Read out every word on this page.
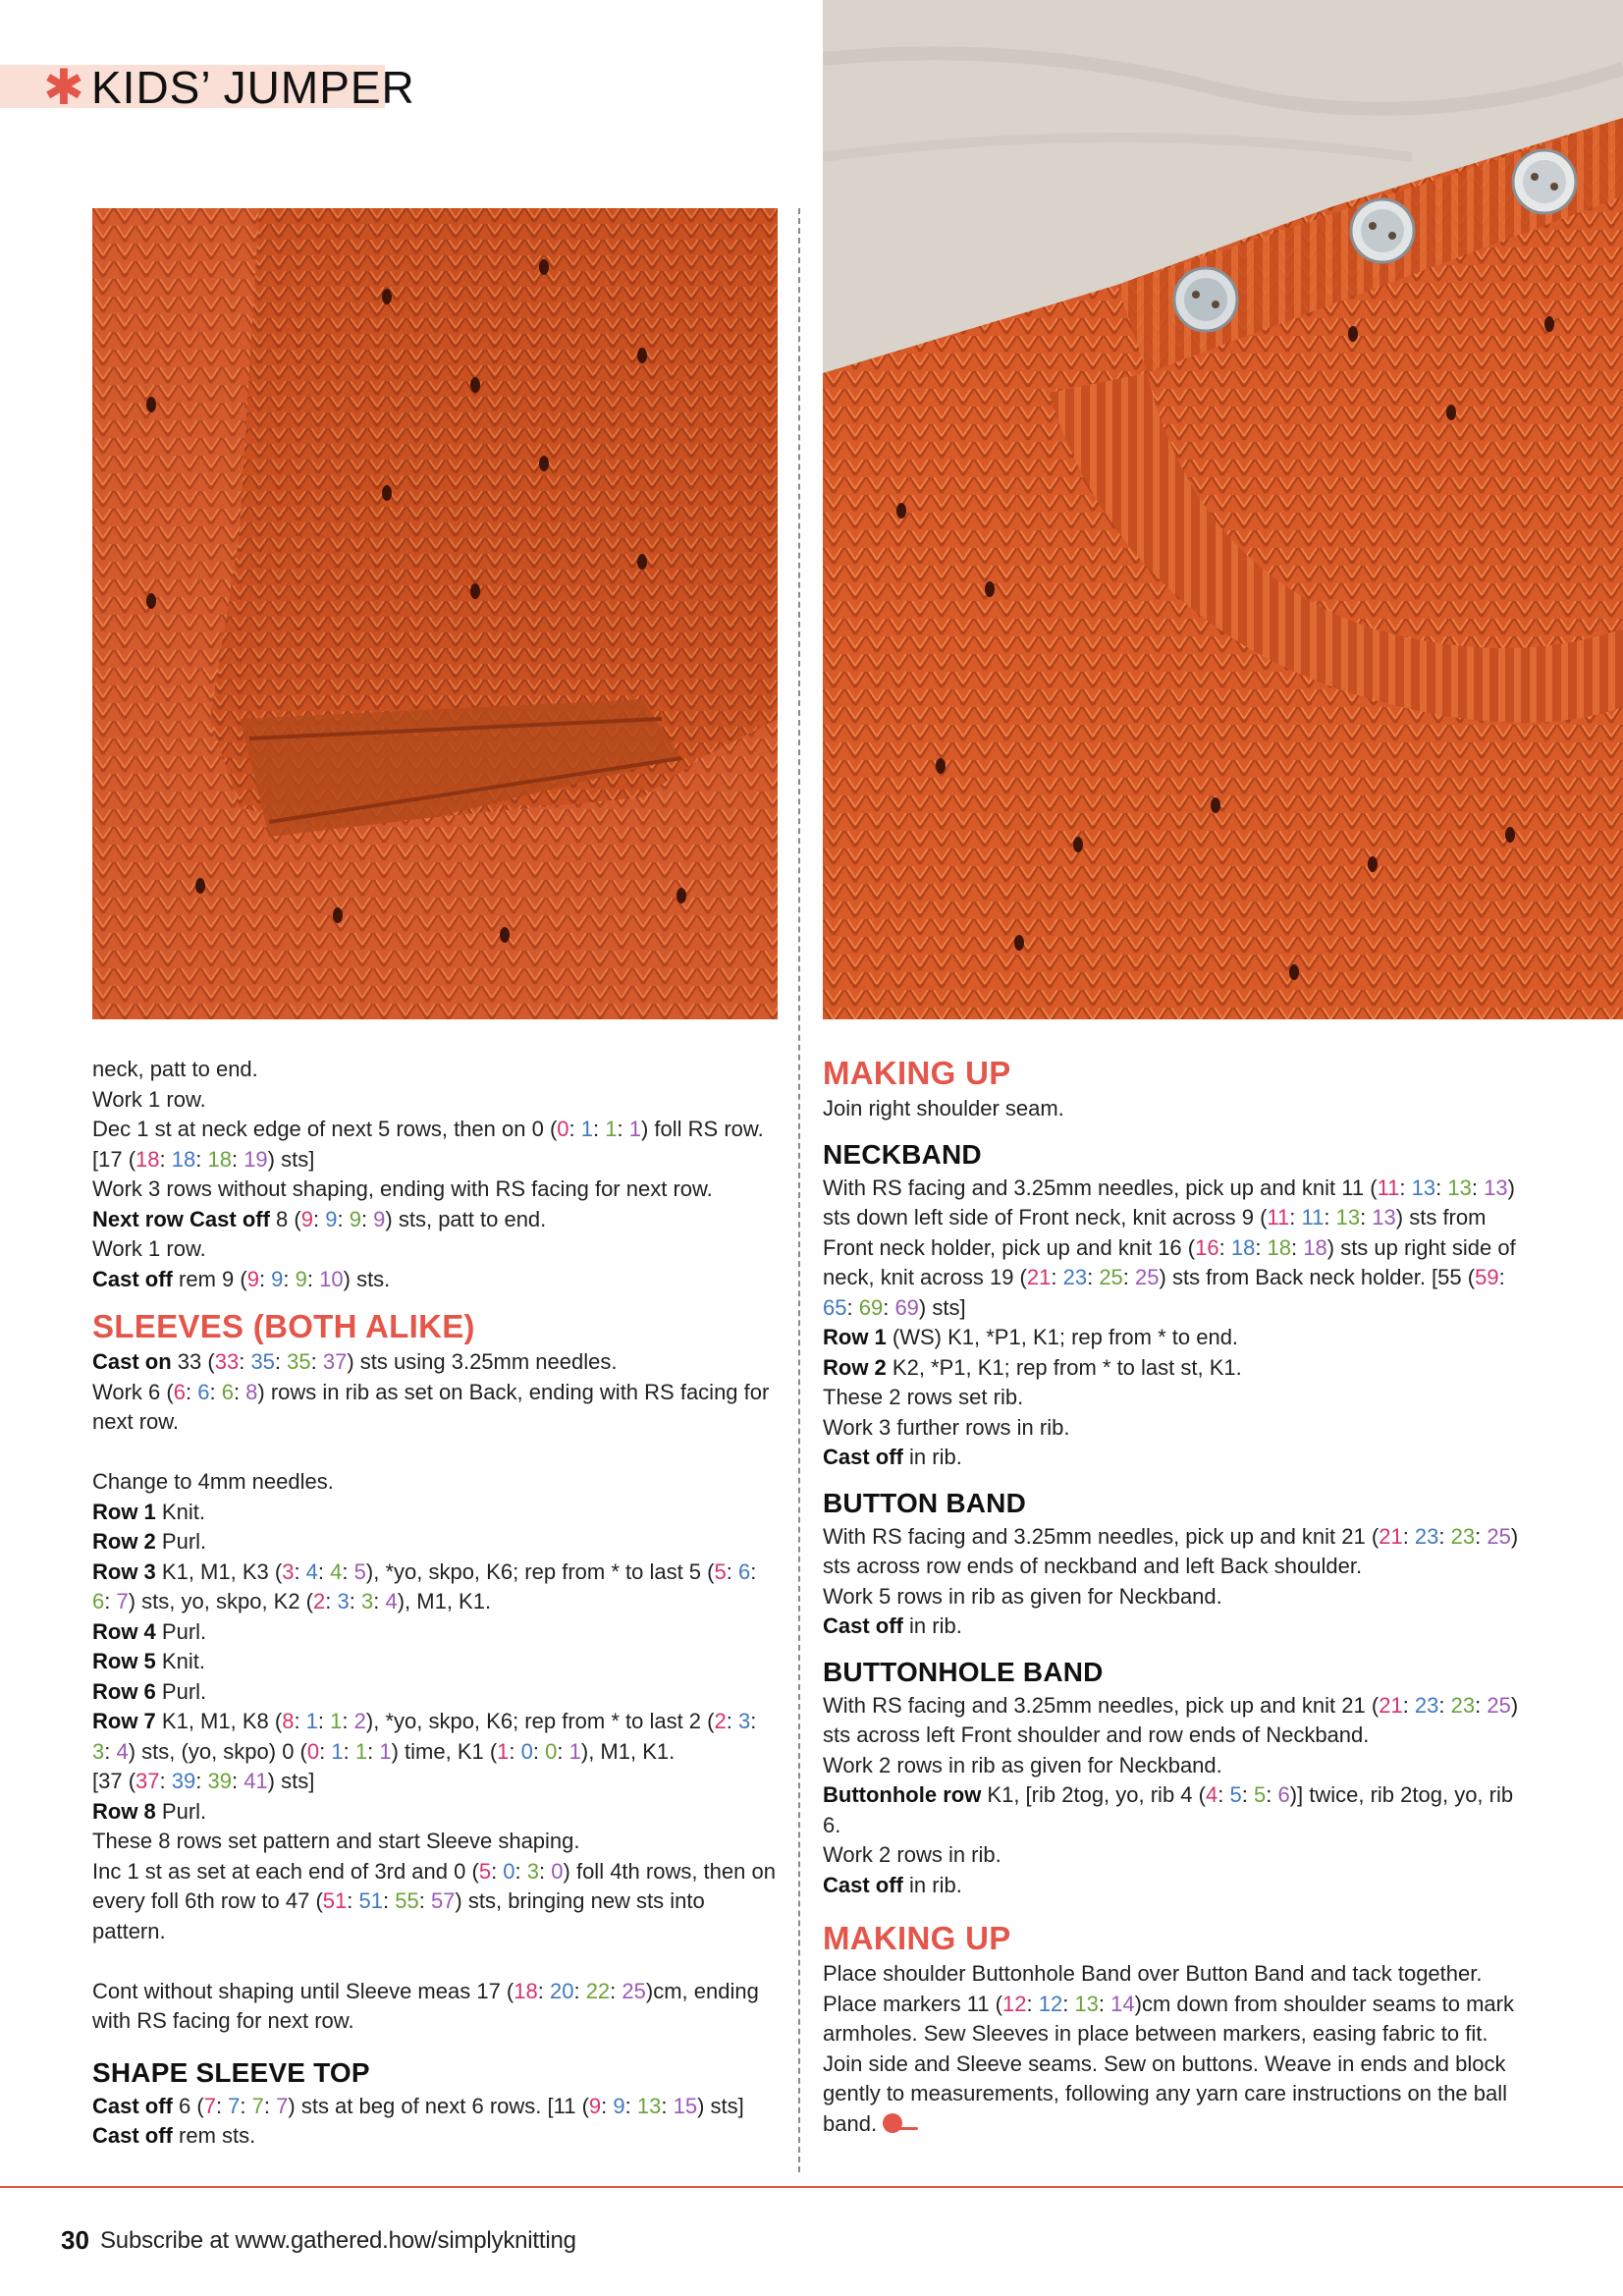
✱ KIDS’ JUMPER

neck, patt to end.

Work 1 row.

Dec 1 st at neck edge of next 5 rows, then on 0 (0: 1: 1: 1) foll RS row.

[17 (18: 18: 18: 19) sts]

Work 3 rows without shaping, ending with RS facing for next row.

Next row Cast off 8 (9: 9: 9: 9) sts, patt to end.

Work 1 row.

Cast off rem 9 (9: 9: 9: 10) sts.

SLEEVES (BOTH ALIKE)

Cast on 33 (33: 35: 35: 37) sts using 3.25mm needles.

Work 6 (6: 6: 6: 8) rows in rib as set on Back, ending with RS facing for next row.

Change to 4mm needles.

Row 1 Knit.

Row 2 Purl.

Row 3 K1, M1, K3 (3: 4: 4: 5), *yo, skpo, K6; rep from * to last 5 (5: 6: 6: 7) sts, yo, skpo, K2 (2: 3: 3: 4), M1, K1.

Row 4 Purl.

Row 5 Knit.

Row 6 Purl.

Row 7 K1, M1, K8 (8: 1: 1: 2), *yo, skpo, K6; rep from * to last 2 (2: 3: 3: 4) sts, (yo, skpo) 0 (0: 1: 1: 1) time, K1 (1: 0: 0: 1), M1, K1.

[37 (37: 39: 39: 41) sts]

Row 8 Purl.

These 8 rows set pattern and start Sleeve shaping.

Inc 1 st as set at each end of 3rd and 0 (5: 0: 3: 0) foll 4th rows, then on every foll 6th row to 47 (51: 51: 55: 57) sts, bringing new sts into pattern.

Cont without shaping until Sleeve meas 17 (18: 20: 22: 25)cm, ending with RS facing for next row.

SHAPE SLEEVE TOP

Cast off 6 (7: 7: 7: 7) sts at beg of next 6 rows. [11 (9: 9: 13: 15) sts]

Cast off rem sts.

MAKING UP

Join right shoulder seam.

NECKBAND

With RS facing and 3.25mm needles, pick up and knit 11 (11: 13: 13: 13) sts down left side of Front neck, knit across 9 (11: 11: 13: 13) sts from Front neck holder, pick up and knit 16 (16: 18: 18: 18) sts up right side of neck, knit across 19 (21: 23: 25: 25) sts from Back neck holder. [55 (59: 65: 69: 69) sts]

Row 1 (WS) K1, *P1, K1; rep from * to end.

Row 2 K2, *P1, K1; rep from * to last st, K1.

These 2 rows set rib.

Work 3 further rows in rib.

Cast off in rib.

BUTTON BAND

With RS facing and 3.25mm needles, pick up and knit 21 (21: 23: 23: 25) sts across row ends of neckband and left Back shoulder.

Work 5 rows in rib as given for Neckband.

Cast off in rib.

BUTTONHOLE BAND

With RS facing and 3.25mm needles, pick up and knit 21 (21: 23: 23: 25) sts across left Front shoulder and row ends of Neckband.

Work 2 rows in rib as given for Neckband.

Buttonhole row K1, [rib 2tog, yo, rib 4 (4: 5: 5: 6)] twice, rib 2tog, yo, rib 6.

Work 2 rows in rib.

Cast off in rib.

MAKING UP

Place shoulder Buttonhole Band over Button Band and tack together. Place markers 11 (12: 12: 13: 14)cm down from shoulder seams to mark armholes. Sew Sleeves in place between markers, easing fabric to fit. Join side and Sleeve seams. Sew on buttons. Weave in ends and block gently to measurements, following any yarn care instructions on the ball band.

30 Subscribe at www.gathered.how/simplyknitting
